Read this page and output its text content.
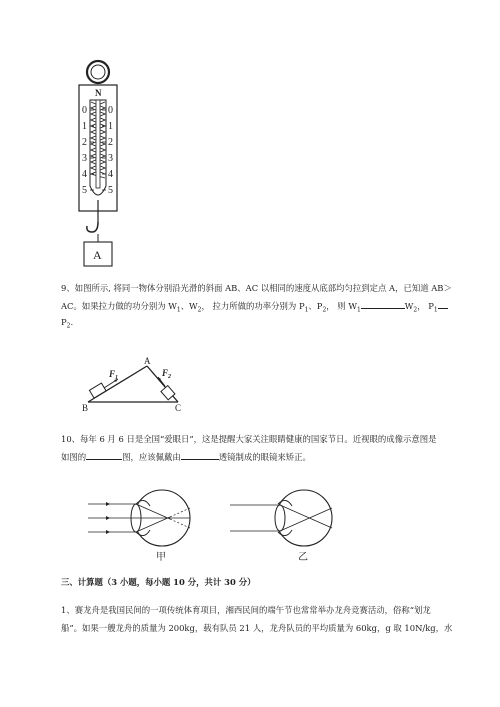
N
0
1
2
3
4
5
0
1
2
3
4
5
A
9、如图所示, 将同一物体分别沿光滑的斜面 AB、AC 以相同的速度从底部均匀拉到定点 A，已知道 AB＞
AC。如果拉力做的功分别为 $W_1$、$W_2$， 拉力所做的功率分别为 $P_1$、$P_2$， 则 $W_1$	$W_2$， $P_1$
$P_2$.
A
B	C
$F_1$	$F_2$
10、每年 6 月 6 日是全国“爱眼日”，这是提醒大家关注眼睛健康的国家节日。近视眼的成像示意图是
如图的	图，应该佩戴由	透镜制成的眼镜来矫正。
甲	乙
三、计算题（3 小题，每小题 10 分，共计 30 分）
1、赛龙舟是我国民间的一项传统体育项目，湘西民间的端午节也常常举办龙舟竞赛活动，俗称“划龙
船”。如果一艘龙舟的质量为 200kg，载有队员 21 人，龙舟队员的平均质量为 60kg，g 取 10N/kg，水
